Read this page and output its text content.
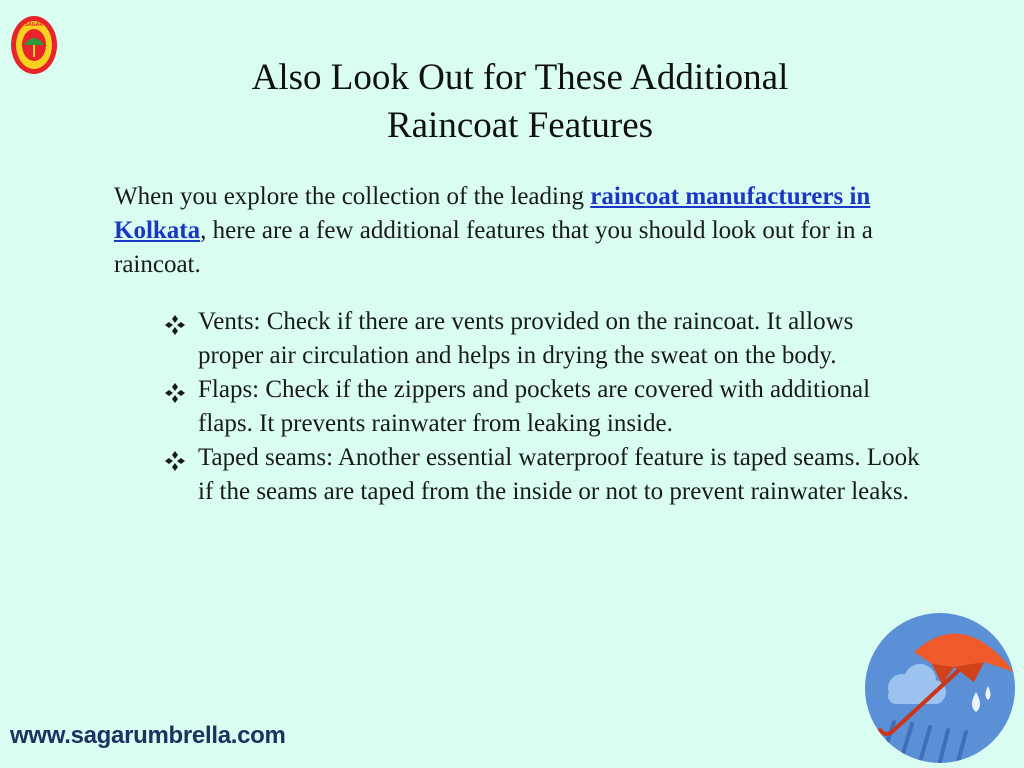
SAGAR
Also Look Out for These Additional
Raincoat Features

When you explore the collection of the leading raincoat manufacturers in Kolkata, here are a few additional features that you should look out for in a raincoat.

Vents: Check if there are vents provided on the raincoat. It allows proper air circulation and helps in drying the sweat on the body.
Flaps: Check if the zippers and pockets are covered with additional flaps. It prevents rainwater from leaking inside.
Taped seams: Another essential waterproof feature is taped seams. Look if the seams are taped from the inside or not to prevent rainwater leaks.
www.sagarumbrella.com
